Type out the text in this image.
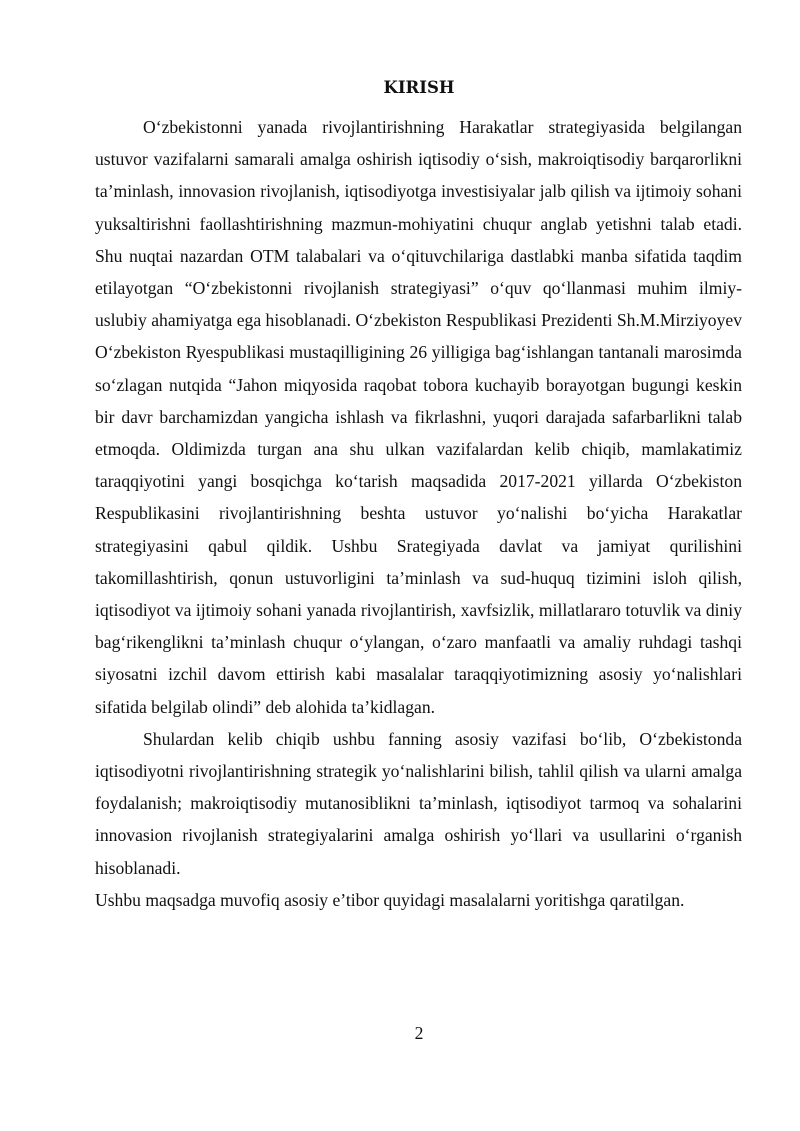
KIRISH

O‘zbekistonni yanada rivojlantirishning Harakatlar strategiyasida belgilangan ustuvor vazifalarni samarali amalga oshirish iqtisodiy o‘sish, makroiqtisodiy barqarorlikni ta’minlash, innovasion rivojlanish, iqtisodiyotga investisiyalar jalb qilish va ijtimoiy sohani yuksaltirishni faollashtirishning mazmun-mohiyatini chuqur anglab yetishni talab etadi. Shu nuqtai nazardan OTM talabalari va o‘qituvchilariga dastlabki manba sifatida taqdim etilayotgan “O‘zbekistonni rivojlanish strategiyasi” o‘quv qo‘llanmasi muhim ilmiy-uslubiy ahamiyatga ega hisoblanadi. O‘zbekiston Respublikasi Prezidenti Sh.M.Mirziyoyev O‘zbekiston Ryespublikasi mustaqilligining 26 yilligiga bag‘ishlangan tantanali marosimda so‘zlagan nutqida “Jahon miqyosida raqobat tobora kuchayib borayotgan bugungi keskin bir davr barchamizdan yangicha ishlash va fikrlashni, yuqori darajada safarbarlikni talab etmoqda. Oldimizda turgan ana shu ulkan vazifalardan kelib chiqib, mamlakatimiz taraqqiyotini yangi bosqichga ko‘tarish maqsadida 2017-2021 yillarda O‘zbekiston Respublikasini rivojlantirishning beshta ustuvor yo‘nalishi bo‘yicha Harakatlar strategiyasini qabul qildik. Ushbu Srategiyada davlat va jamiyat qurilishini takomillashtirish, qonun ustuvorligini ta’minlash va sud-huquq tizimini isloh qilish, iqtisodiyot va ijtimoiy sohani yanada rivojlantirish, xavfsizlik, millatlararo totuvlik va diniy bag‘rikenglikni ta’minlash chuqur o‘ylangan, o‘zaro manfaatli va amaliy ruhdagi tashqi siyosatni izchil davom ettirish kabi masalalar taraqqiyotimizning asosiy yo‘nalishlari sifatida belgilab olindi” deb alohida ta’kidlagan.

Shulardan kelib chiqib ushbu fanning asosiy vazifasi bo‘lib, O‘zbekistonda iqtisodiyotni rivojlantirishning strategik yo‘nalishlarini bilish, tahlil qilish va ularni amalga foydalanish; makroiqtisodiy mutanosiblikni ta’minlash, iqtisodiyot tarmoq va sohalarini innovasion rivojlanish strategiyalarini amalga oshirish yo‘llari va usullarini o‘rganish hisoblanadi.

Ushbu maqsadga muvofiq asosiy e’tibor quyidagi masalalarni yoritishga qaratilgan.

2
